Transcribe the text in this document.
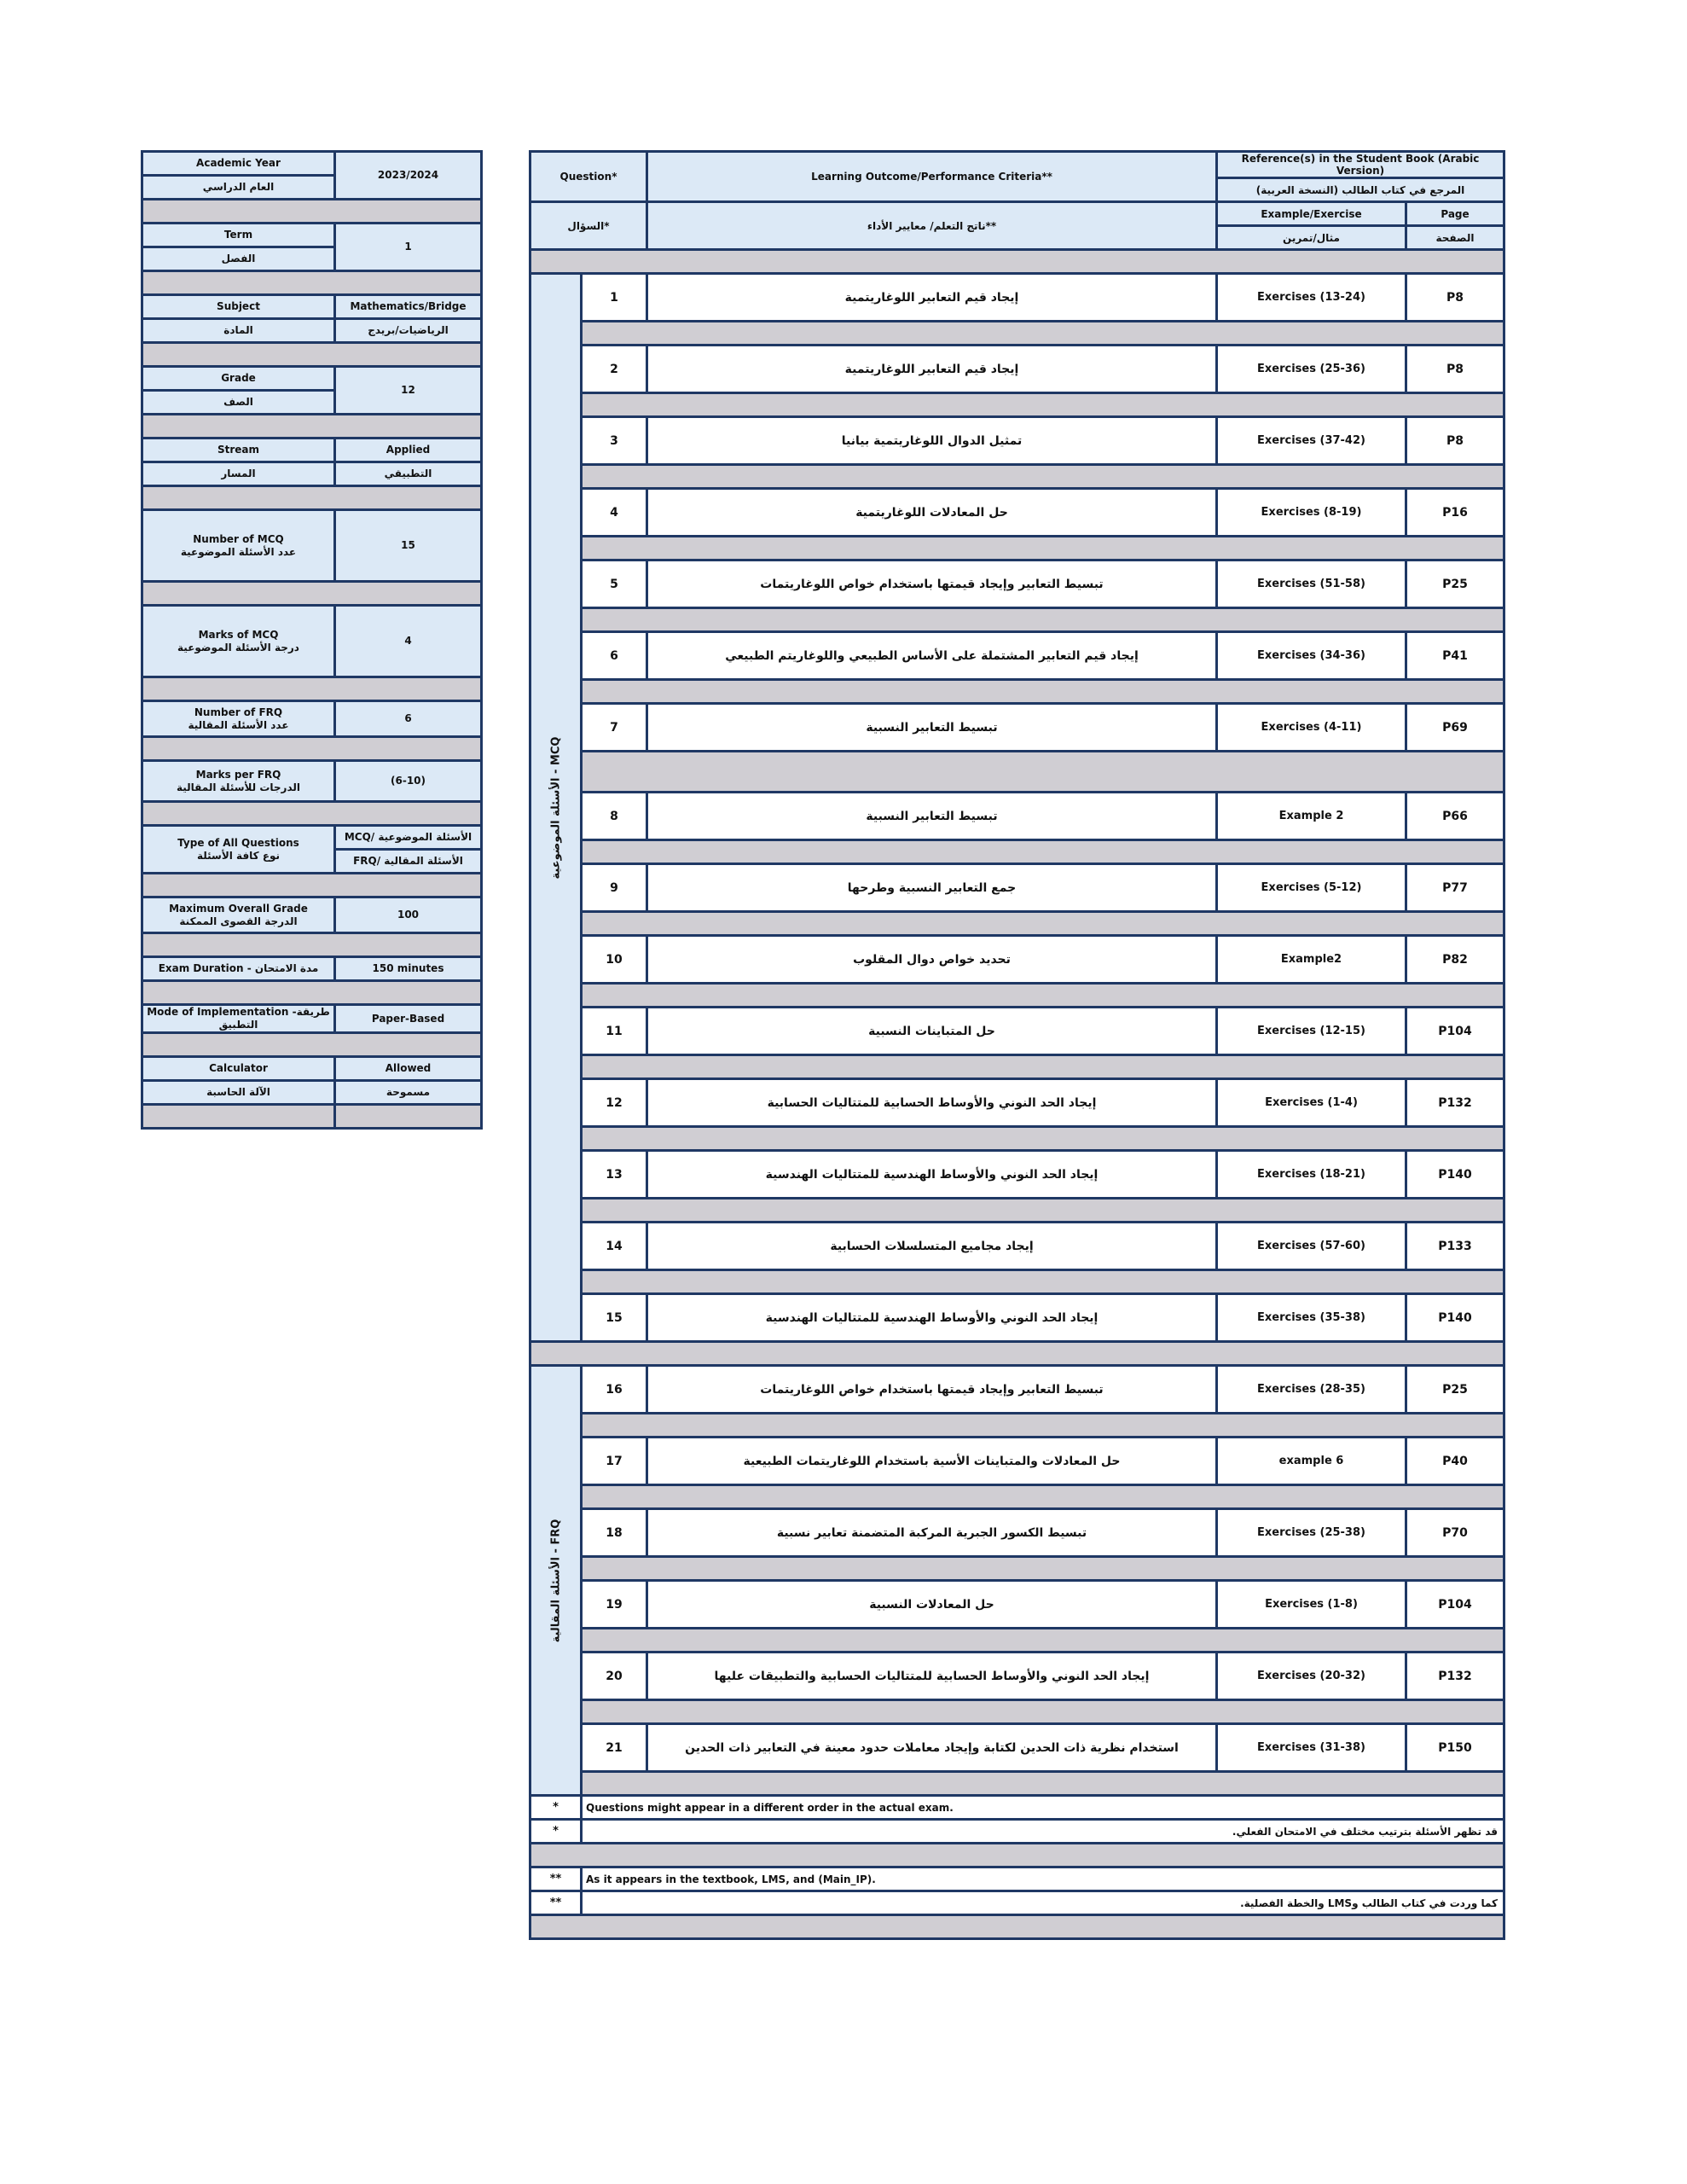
Academic Year	2023/2024
العام الدراسي	

Term	1
الفصل	

Subject	Mathematics/Bridge
المادة	الرياضيات/بريدج

Grade	12
الصف	

Stream	Applied
المسار	التطبيقي

Number of MCQ
عدد الأسئلة الموضوعية	15

Marks of MCQ
درجة الأسئلة الموضوعية	4

Number of FRQ
عدد الأسئلة المقالية	6

Marks per FRQ
الدرجات للأسئلة المقالية	(6-10)

Type of All Questions
نوع كافة الأسئلة	MCQ/ الأسئلة الموضوعية
	FRQ/ الأسئلة المقالية

Maximum Overall Grade
الدرجة القصوى الممكنة	100

Exam Duration - مدة الامتحان	150 minutes

Mode of Implementation -طريقة التطبيق	Paper-Based

Calculator	Allowed
الآلة الحاسبة	مسموحة

Question*		Learning Outcome/Performance Criteria**	Reference(s) in the Student Book (Arabic Version)	
			المرجع في كتاب الطالب (النسخة العربية)	
السؤال*		ناتج التعلم/ معايير الأداء**	Example/Exercise	Page
			مثال/تمرين	الصفحة

الأسئلة الموضوعية - MCQ	1	إيجاد قيم التعابير اللوغاريتمية	Exercises (13-24)	P8

	2	إيجاد قيم التعابير اللوغاريتمية	Exercises (25-36)	P8

	3	تمثيل الدوال اللوغاريتمية بيانيا	Exercises (37-42)	P8

	4	حل المعادلات اللوغاريتمية	Exercises (8-19)	P16

	5	تبسيط التعابير وإيجاد قيمتها باستخدام خواص اللوغاريتمات	Exercises (51-58)	P25

	6	إيجاد قيم التعابير المشتملة على الأساس الطبيعي واللوغاريتم الطبيعي	Exercises (34-36)	P41

	7	تبسيط التعابير النسبية	Exercises (4-11)	P69

	8	تبسيط التعابير النسبية	Example 2	P66

	9	جمع التعابير النسبية وطرحها	Exercises (5-12)	P77

	10	تحديد خواص دوال المقلوب	Example2	P82

	11	حل المتباينات النسبية	Exercises (12-15)	P104

	12	إيجاد الحد النوني والأوساط الحسابية للمتتاليات الحسابية	Exercises (1-4)	P132

	13	إيجاد الحد النوني والأوساط الهندسية للمتتاليات الهندسية	Exercises (18-21)	P140

	14	إيجاد مجاميع المتسلسلات الحسابية	Exercises (57-60)	P133

	15	إيجاد الحد النوني والأوساط الهندسية للمتتاليات الهندسية	Exercises (35-38)	P140

الأسئلة المقالية - FRQ	16	تبسيط التعابير وإيجاد قيمتها باستخدام خواص اللوغاريتمات	Exercises (28-35)	P25

	17	حل المعادلات والمتباينات الأسية باستخدام اللوغاريتمات الطبيعية	example 6	P40

	18	تبسيط الكسور الجبرية المركبة المتضمنة تعابير نسبية	Exercises (25-38)	P70

	19	حل المعادلات النسبية	Exercises (1-8)	P104

	20	إيجاد الحد النوني والأوساط الحسابية للمتتاليات الحسابية والتطبيقات عليها	Exercises (20-32)	P132

	21	استخدام نظرية ذات الحدين لكتابة وإيجاد معاملات حدود معينة في التعابير ذات الحدين	Exercises (31-38)	P150

*	Questions might appear in a different order in the actual exam.			
*	قد تظهر الأسئلة بترتيب مختلف في الامتحان الفعلي.			

**	As it appears in the textbook, LMS, and (Main_IP).			
**	كما وردت في كتاب الطالب وLMS والخطة الفصلية.			
